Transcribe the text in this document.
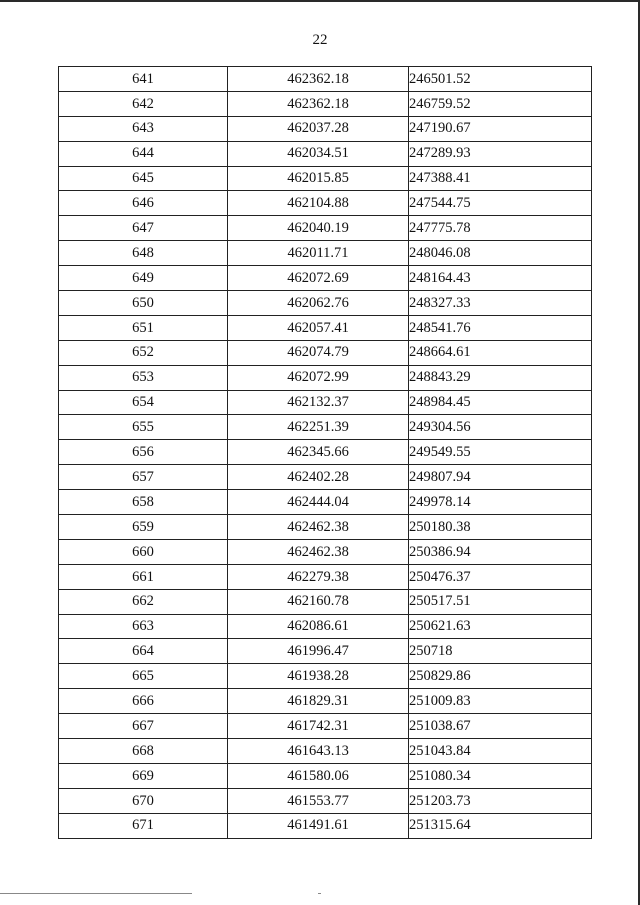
22
641	462362.18	246501.52
642	462362.18	246759.52
643	462037.28	247190.67
644	462034.51	247289.93
645	462015.85	247388.41
646	462104.88	247544.75
647	462040.19	247775.78
648	462011.71	248046.08
649	462072.69	248164.43
650	462062.76	248327.33
651	462057.41	248541.76
652	462074.79	248664.61
653	462072.99	248843.29
654	462132.37	248984.45
655	462251.39	249304.56
656	462345.66	249549.55
657	462402.28	249807.94
658	462444.04	249978.14
659	462462.38	250180.38
660	462462.38	250386.94
661	462279.38	250476.37
662	462160.78	250517.51
663	462086.61	250621.63
664	461996.47	250718
665	461938.28	250829.86
666	461829.31	251009.83
667	461742.31	251038.67
668	461643.13	251043.84
669	461580.06	251080.34
670	461553.77	251203.73
671	461491.61	251315.64
